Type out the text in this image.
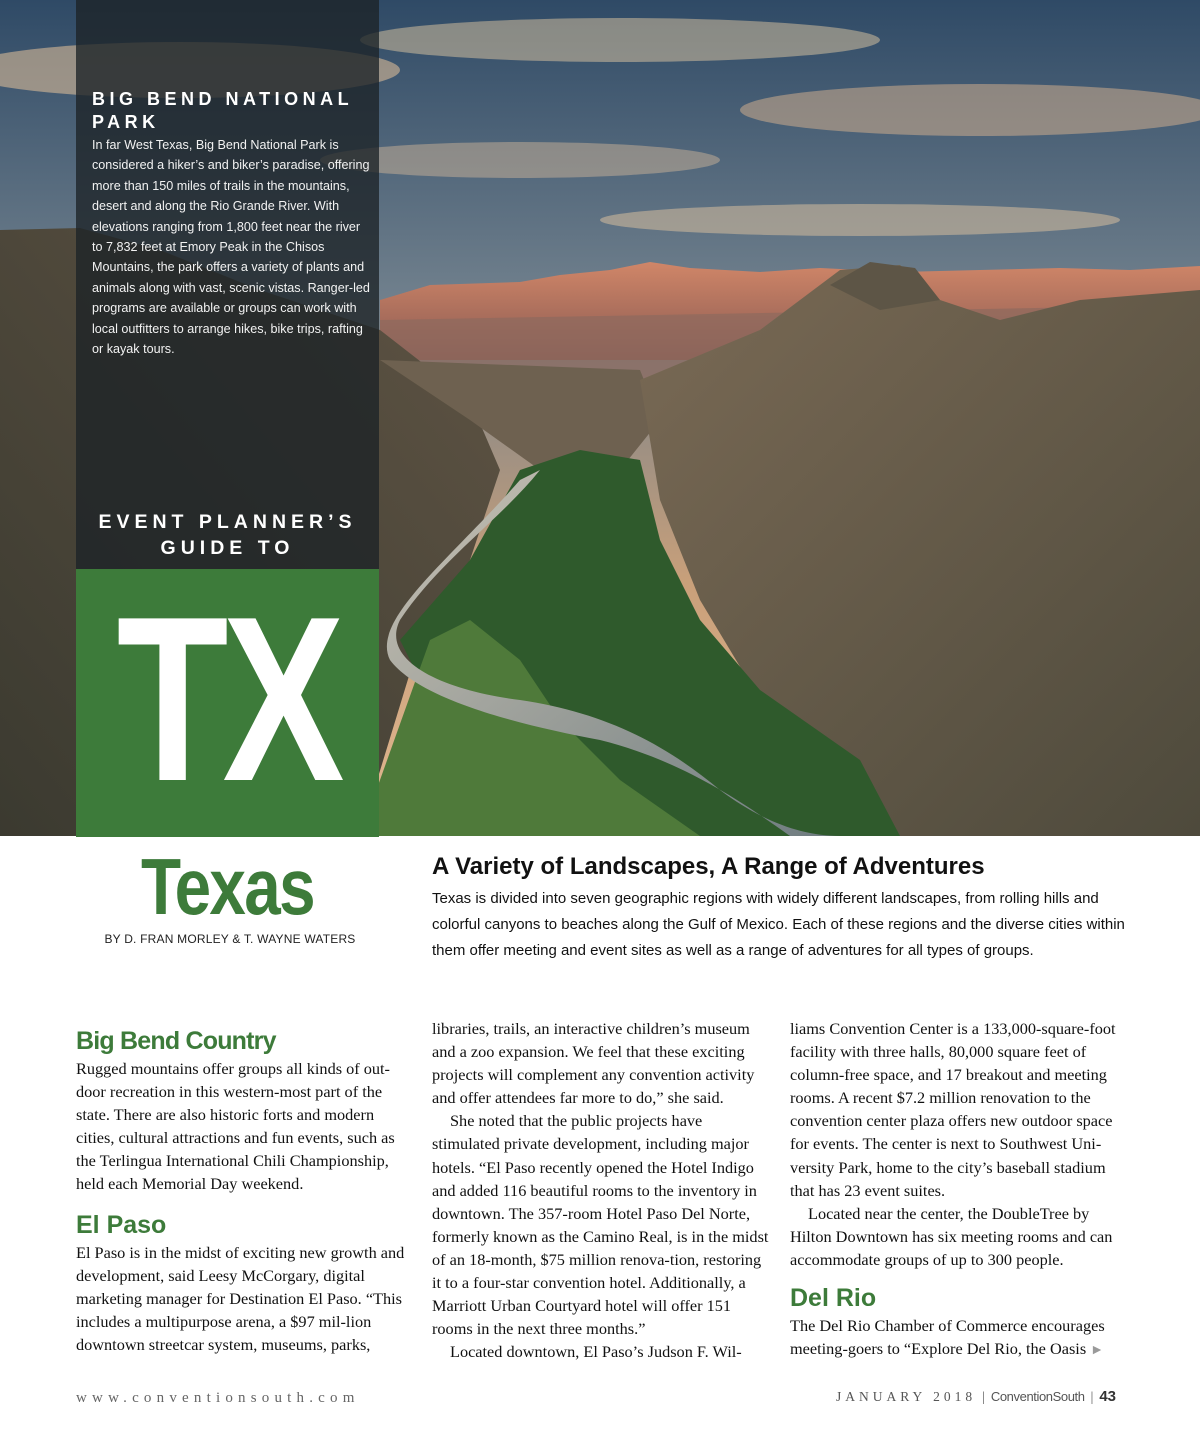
BIG BEND NATIONAL PARK

In far West Texas, Big Bend National Park is considered a hiker’s and biker’s paradise, offering more than 150 miles of trails in the mountains, desert and along the Rio Grande River. With elevations ranging from 1,800 feet near the river to 7,832 feet at Emory Peak in the Chisos Mountains, the park offers a variety of plants and animals along with vast, scenic vistas. Ranger-led programs are available or groups can work with local outfitters to arrange hikes, bike trips, rafting or kayak tours.

EVENT PLANNER’S GUIDE TO
TX
Texas
BY D. FRAN MORLEY & T. WAYNE WATERS
A Variety of Landscapes, A Range of Adventures

Texas is divided into seven geographic regions with widely different landscapes, from rolling hills and colorful canyons to beaches along the Gulf of Mexico. Each of these regions and the diverse cities within them offer meeting and event sites as well as a range of adventures for all types of groups.

Big Bend Country

Rugged mountains offer groups all kinds of out-door recreation in this western-most part of the state. There are also historic forts and modern cities, cultural attractions and fun events, such as the Terlingua International Chili Championship, held each Memorial Day weekend.

El Paso

El Paso is in the midst of exciting new growth and development, said Leesy McCorgary, digital marketing manager for Destination El Paso. “This includes a multipurpose arena, a $97 mil-lion downtown streetcar system, museums, parks,

libraries, trails, an interactive children’s museum and a zoo expansion. We feel that these exciting projects will complement any convention activity and offer attendees far more to do,” she said.

She noted that the public projects have stimulated private development, including major hotels. “El Paso recently opened the Hotel Indigo and added 116 beautiful rooms to the inventory in downtown. The 357-room Hotel Paso Del Norte, formerly known as the Camino Real, is in the midst of an 18-month, $75 million renova-tion, restoring it to a four-star convention hotel. Additionally, a Marriott Urban Courtyard hotel will offer 151 rooms in the next three months.”

Located downtown, El Paso’s Judson F. Wil-

liams Convention Center is a 133,000-square-foot facility with three halls, 80,000 square feet of column-free space, and 17 breakout and meeting rooms. A recent $7.2 million renovation to the convention center plaza offers new outdoor space for events. The center is next to Southwest Uni-versity Park, home to the city’s baseball stadium that has 23 event suites.

Located near the center, the DoubleTree by Hilton Downtown has six meeting rooms and can accommodate groups of up to 300 people.

Del Rio

The Del Rio Chamber of Commerce encourages meeting-goers to “Explore Del Rio, the Oasis ►

www.conventionsouth.com	JANUARY 2018 | ConventionSouth | 43
